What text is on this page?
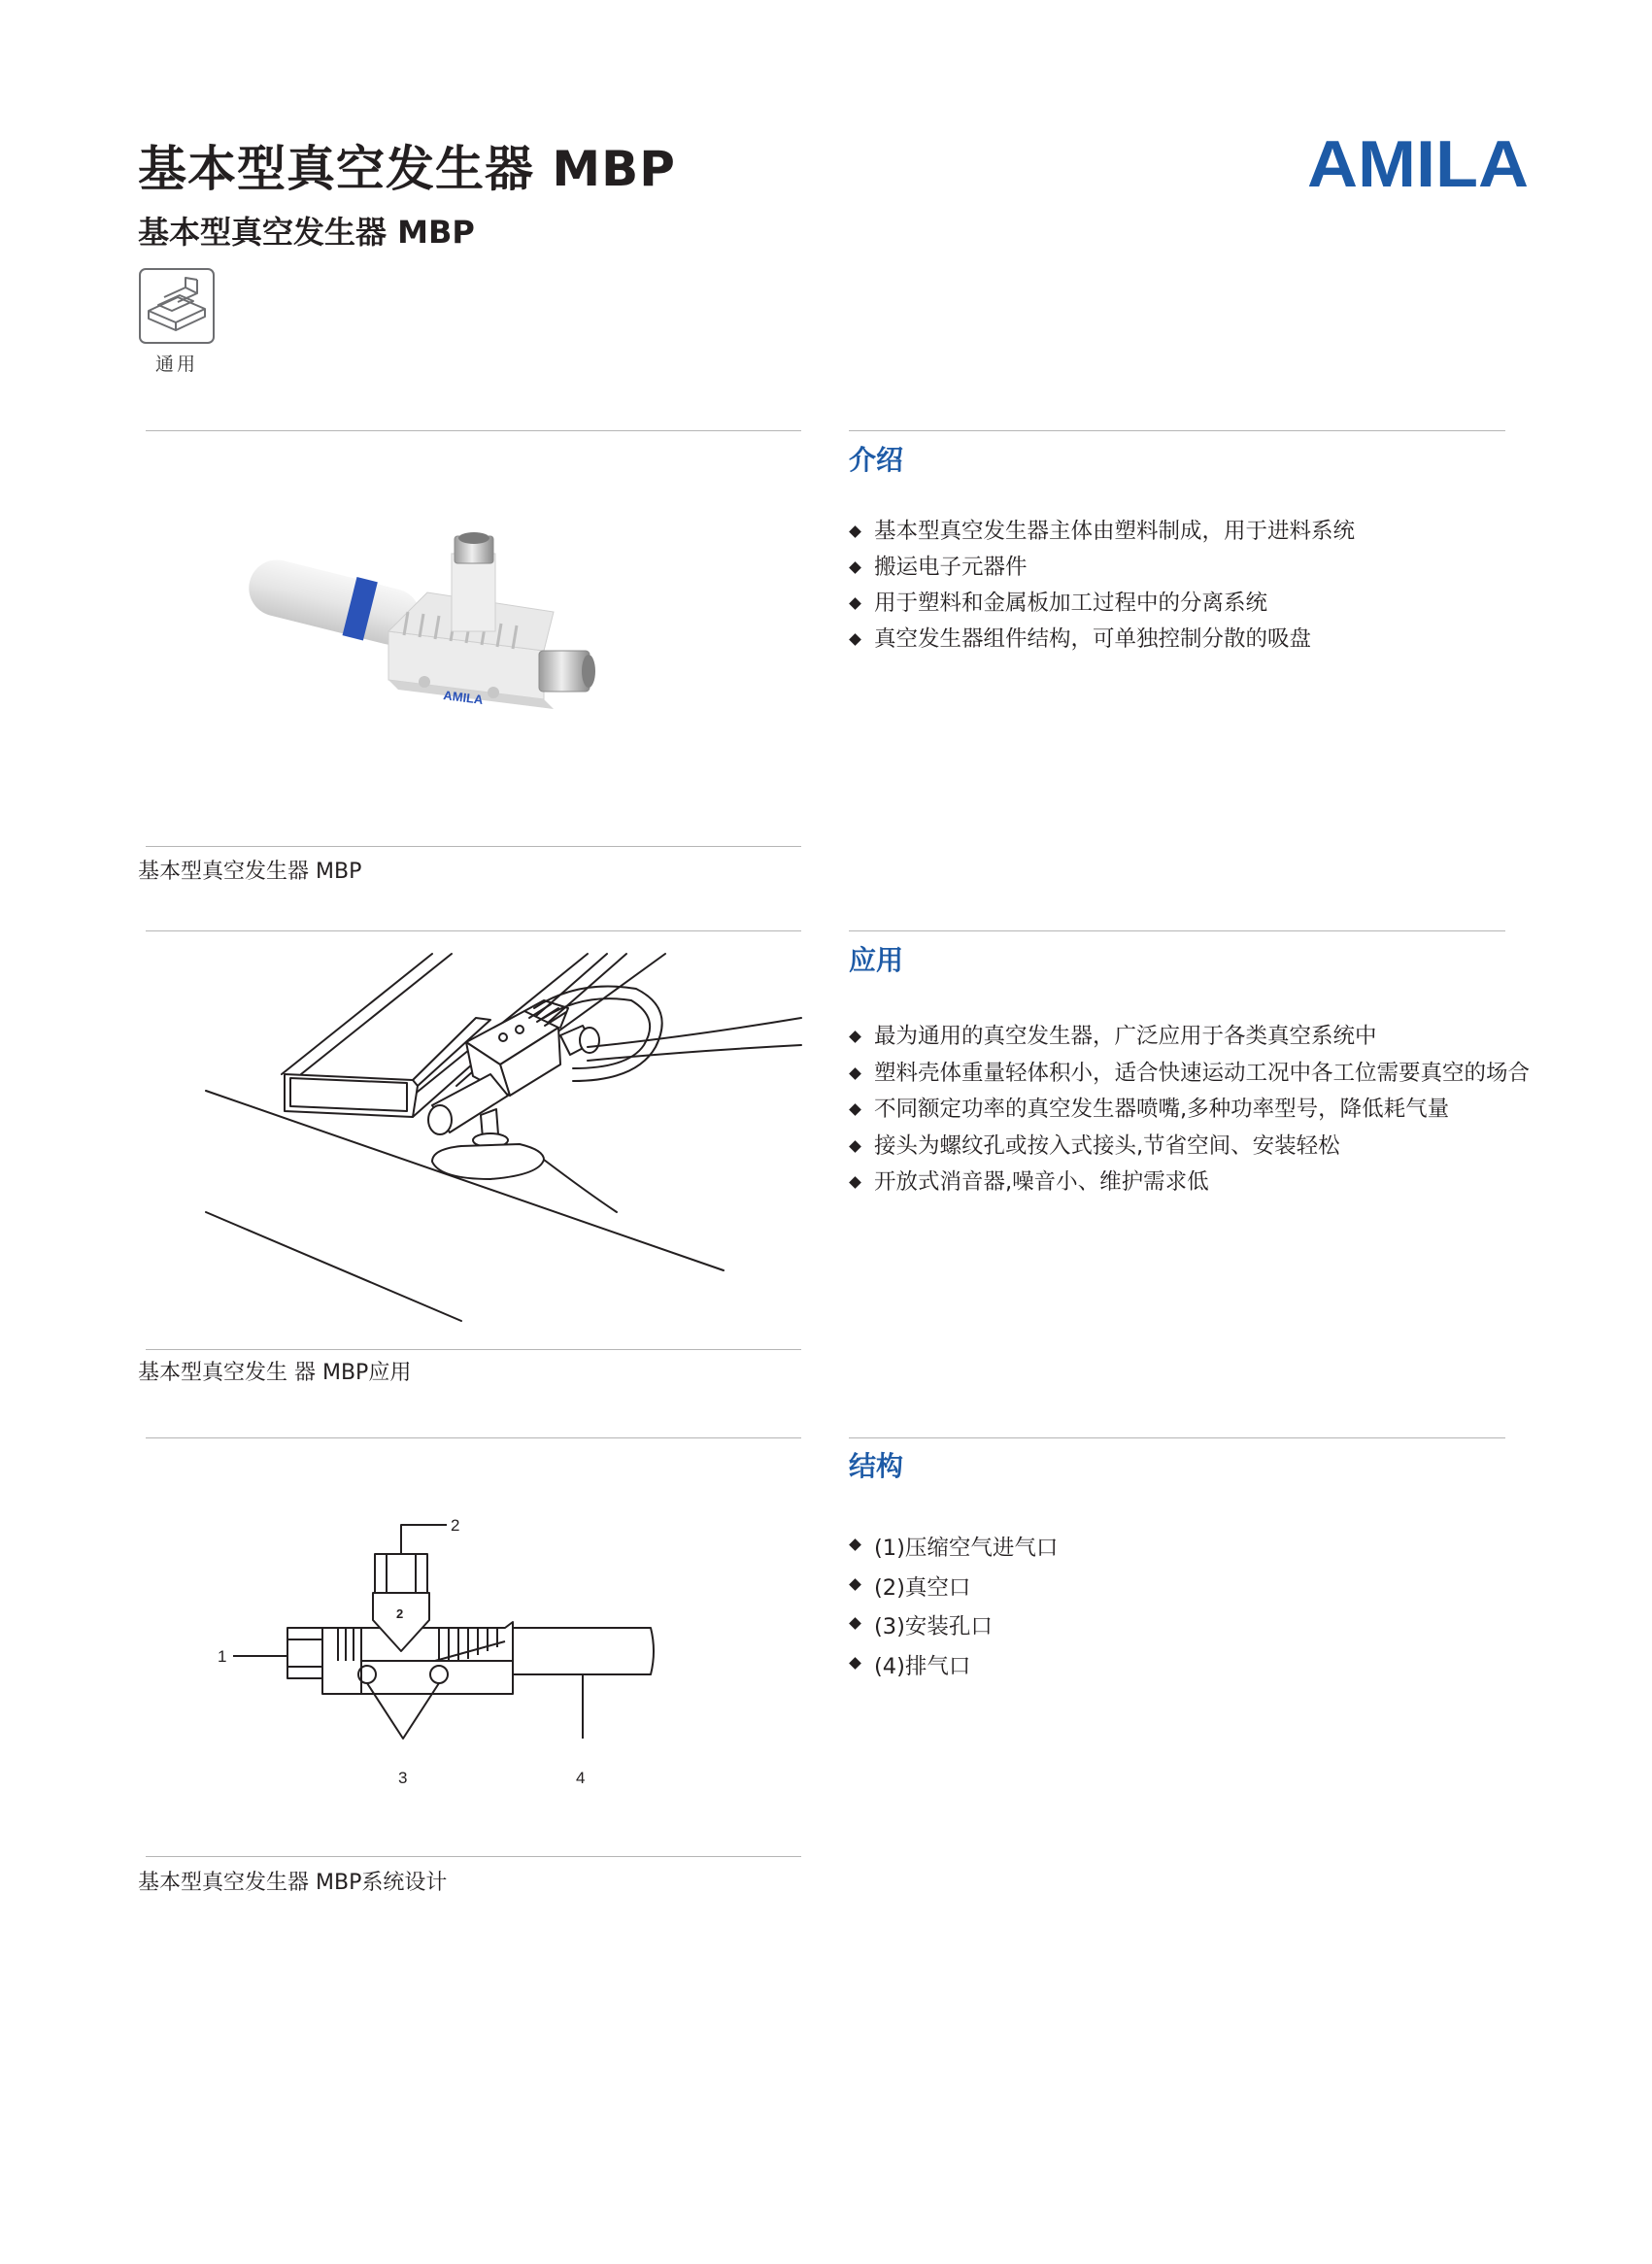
基本型真空发生器 MBP
基本型真空发生器 MBP
AMILA
通用
AMILA
基本型真空发生器 MBP
介绍
基本型真空发生器主体由塑料制成，用于进料系统
搬运电子元器件
用于塑料和金属板加工过程中的分离系统
真空发生器组件结构，可单独控制分散的吸盘
基本型真空发生 器 MBP应用
应用
最为通用的真空发生器，广泛应用于各类真空系统中
塑料壳体重量轻体积小，适合快速运动工况中各工位需要真空的场合
不同额定功率的真空发生器喷嘴,多种功率型号，降低耗气量
接头为螺纹孔或按入式接头,节省空间、安装轻松
开放式消音器,噪音小、维护需求低
2
1
3	4
2
基本型真空发生器 MBP系统设计
结构
(1)压缩空气进气口
(2)真空口
(3)安装孔口
(4)排气口
